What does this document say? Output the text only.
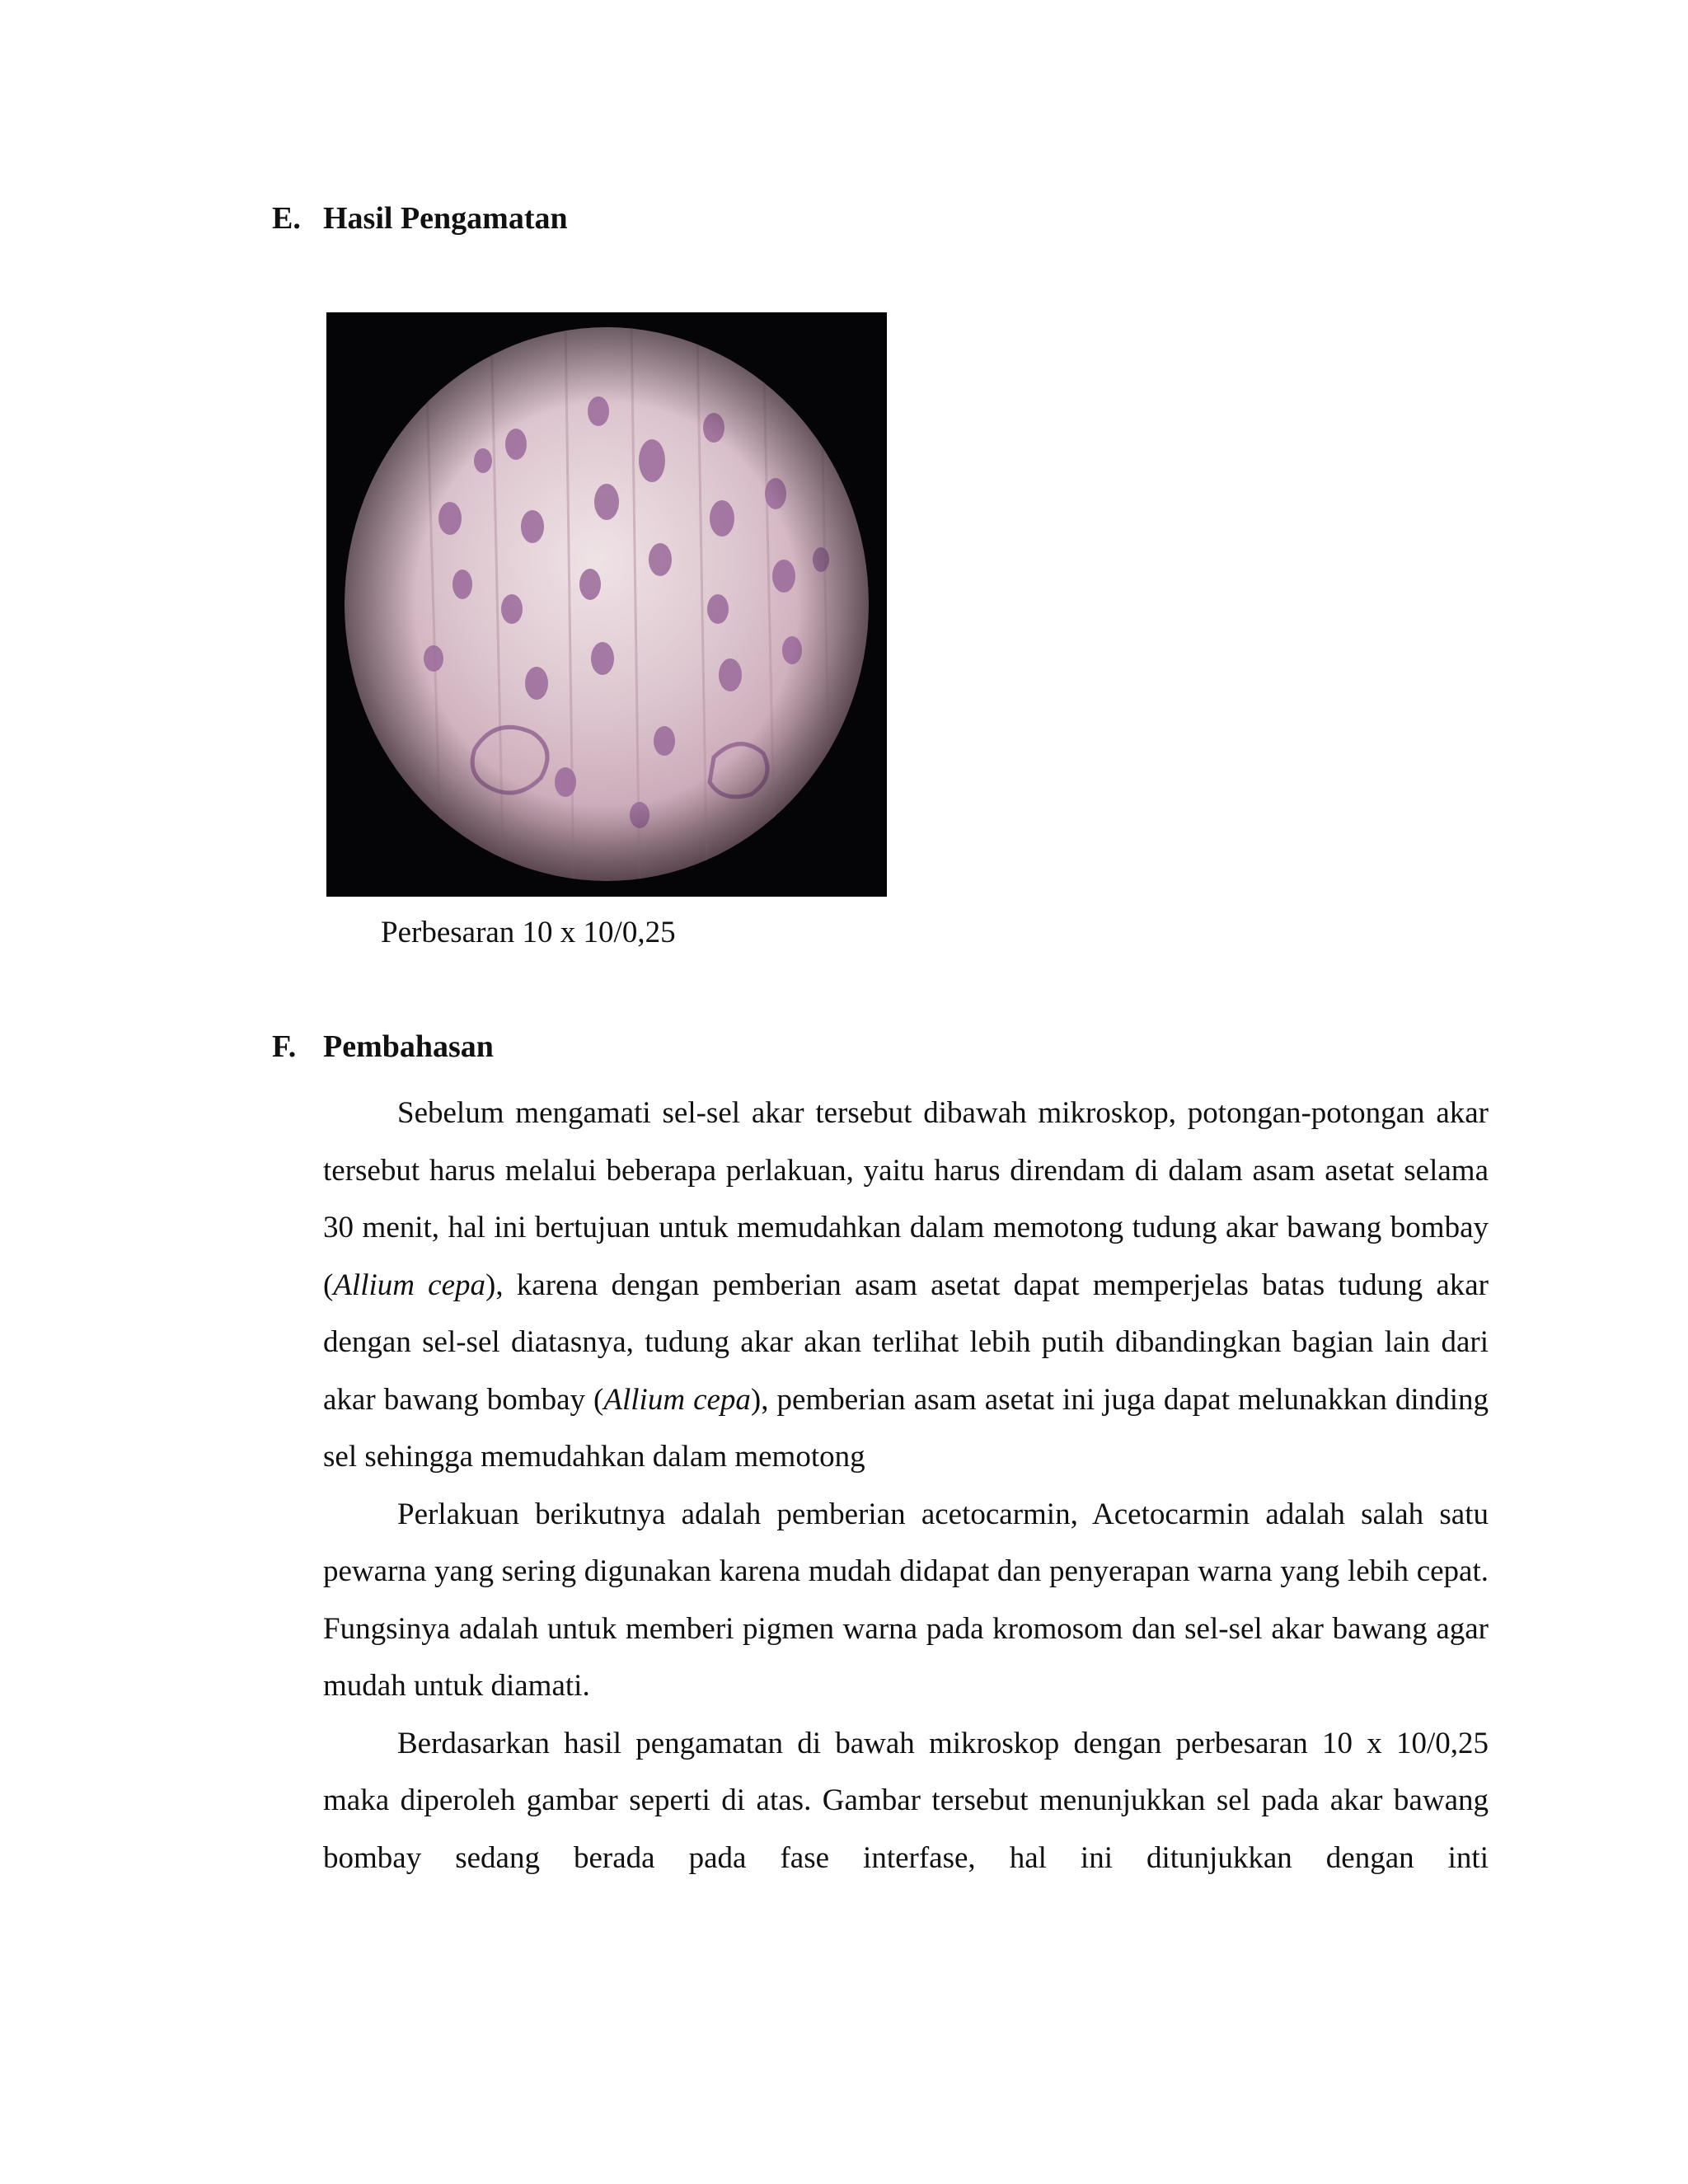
E. Hasil Pengamatan
Perbesaran 10 x 10/0,25
F. Pembahasan

Sebelum mengamati sel-sel akar tersebut dibawah mikroskop, potongan-potongan akar tersebut harus melalui beberapa perlakuan, yaitu harus direndam di dalam asam asetat selama 30 menit, hal ini bertujuan untuk memudahkan dalam memotong tudung akar bawang bombay (Allium cepa), karena dengan pemberian asam asetat dapat memperjelas batas tudung akar dengan sel-sel diatasnya, tudung akar akan terlihat lebih putih dibandingkan bagian lain dari akar bawang bombay (Allium cepa), pemberian asam asetat ini juga dapat melunakkan dinding sel sehingga memudahkan dalam memotong

Perlakuan berikutnya adalah pemberian acetocarmin, Acetocarmin adalah salah satu pewarna yang sering digunakan karena mudah didapat dan penyerapan warna yang lebih cepat. Fungsinya adalah untuk memberi pigmen warna pada kromosom dan sel-sel akar bawang agar mudah untuk diamati.

Berdasarkan hasil pengamatan di bawah mikroskop dengan perbesaran 10 x 10/0,25 maka diperoleh gambar seperti di atas. Gambar tersebut menunjukkan sel pada akar bawang bombay sedang berada pada fase interfase, hal ini ditunjukkan dengan inti
